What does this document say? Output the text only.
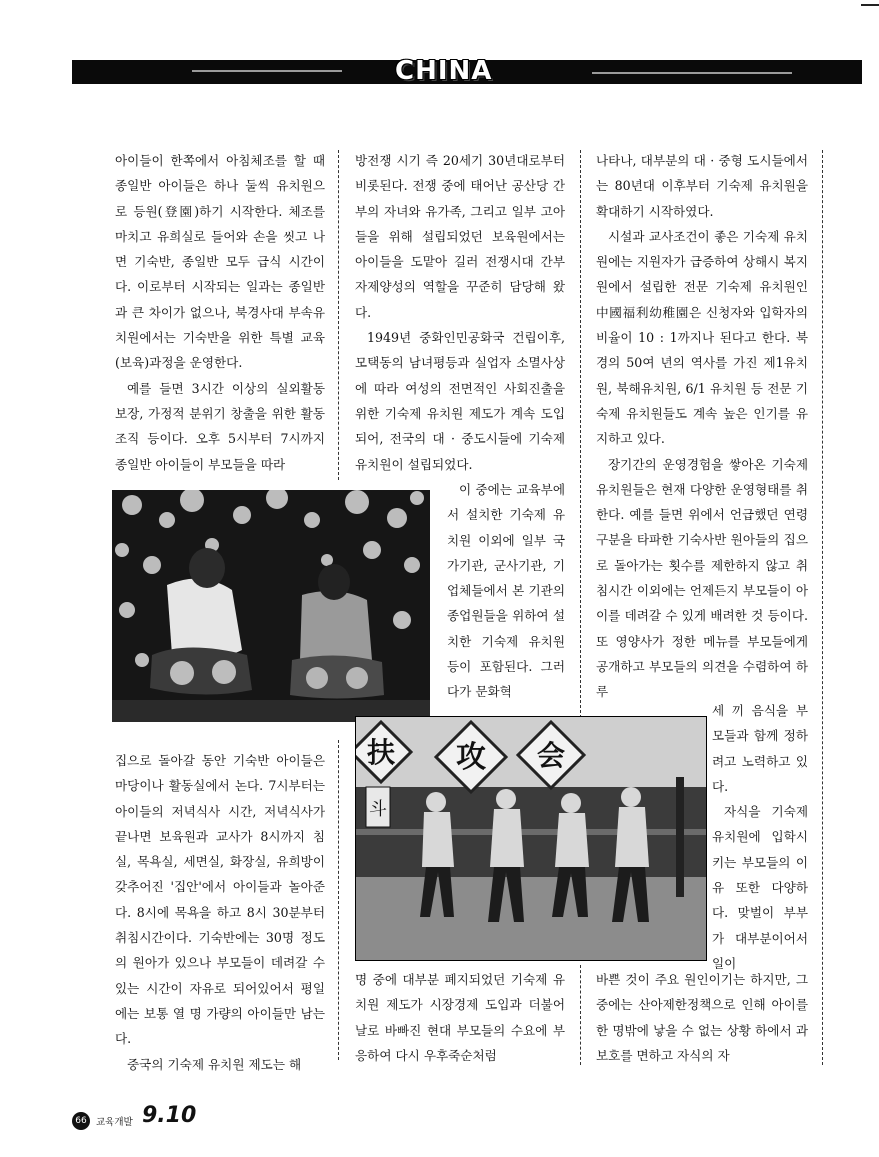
CHINA

아이들이 한쪽에서 아침체조를 할 때 종일반 아이들은 하나 둘씩 유치원으로 등원(登園)하기 시작한다. 체조를 마치고 유희실로 들어와 손을 씻고 나면 기숙반, 종일반 모두 급식 시간이다. 이로부터 시작되는 일과는 종일반과 큰 차이가 없으나, 북경사대 부속유치원에서는 기숙반을 위한 특별 교육(보육)과정을 운영한다.

예를 들면 3시간 이상의 실외활동 보장, 가정적 분위기 창출을 위한 활동조직 등이다. 오후 5시부터 7시까지 종일반 아이들이 부모들을 따라

집으로 돌아갈 동안 기숙반 아이들은 마당이나 활동실에서 논다. 7시부터는 아이들의 저녁식사 시간, 저녁식사가 끝나면 보육원과 교사가 8시까지 침실, 목욕실, 세면실, 화장실, 유희방이 갖추어진 '집안'에서 아이들과 놀아준다. 8시에 목욕을 하고 8시 30분부터 취침시간이다. 기숙반에는 30명 정도의 원아가 있으나 부모들이 데려갈 수 있는 시간이 자유로 되어있어서 평일에는 보통 열 명 가량의 아이들만 남는다.

중국의 기숙제 유치원 제도는 해

방전쟁 시기 즉 20세기 30년대로부터 비롯된다. 전쟁 중에 태어난 공산당 간부의 자녀와 유가족, 그리고 일부 고아들을 위해 설립되었던 보육원에서는 아이들을 도맡아 길러 전쟁시대 간부자제양성의 역할을 꾸준히 담당해 왔다.

1949년 중화인민공화국 건립이후, 모택동의 남녀평등과 실업자 소멸사상에 따라 여성의 전면적인 사회진출을 위한 기숙제 유치원 제도가 계속 도입되어, 전국의 대 · 중도시들에 기숙제 유치원이 설립되었다.

이 중에는 교육부에서 설치한 기숙제 유치원 이외에 일부 국가기관, 군사기관, 기업체들에서 본 기관의 종업원들을 위하여 설치한 기숙제 유치원 등이 포함된다. 그러다가 문화혁

명 중에 대부분 폐지되었던 기숙제 유치원 제도가 시장경제 도입과 더불어 날로 바빠진 현대 부모들의 수요에 부응하여 다시 우후죽순처럼

나타나, 대부분의 대 · 중형 도시들에서는 80년대 이후부터 기숙제 유치원을 확대하기 시작하였다.

시설과 교사조건이 좋은 기숙제 유치원에는 지원자가 급증하여 상해시 복지원에서 설립한 전문 기숙제 유치원인 中國福利幼稚園은 신청자와 입학자의 비율이 10 : 1까지나 된다고 한다. 북경의 50여 년의 역사를 가진 제1유치원, 북해유치원, 6/1 유치원 등 전문 기숙제 유치원들도 계속 높은 인기를 유지하고 있다.

장기간의 운영경험을 쌓아온 기숙제 유치원들은 현재 다양한 운영형태를 취한다. 예를 들면 위에서 언급했던 연령구분을 타파한 기숙사반 원아들의 집으로 돌아가는 횟수를 제한하지 않고 취침시간 이외에는 언제든지 부모들이 아이를 데려갈 수 있게 배려한 것 등이다. 또 영양사가 정한 메뉴를 부모들에게 공개하고 부모들의 의견을 수렴하여 하루

세 끼 음식을 부모들과 함께 정하려고 노력하고 있다.

자식을 기숙제 유치원에 입학시키는 부모들의 이유 또한 다양하다. 맞벌이 부부가 대부분이어서 일이

바쁜 것이 주요 원인이기는 하지만, 그 중에는 산아제한정책으로 인해 아이를 한 명밖에 낳을 수 없는 상황 하에서 과보호를 면하고 자식의 자

扶 攻 会
斗
66 교육개발 9.10
